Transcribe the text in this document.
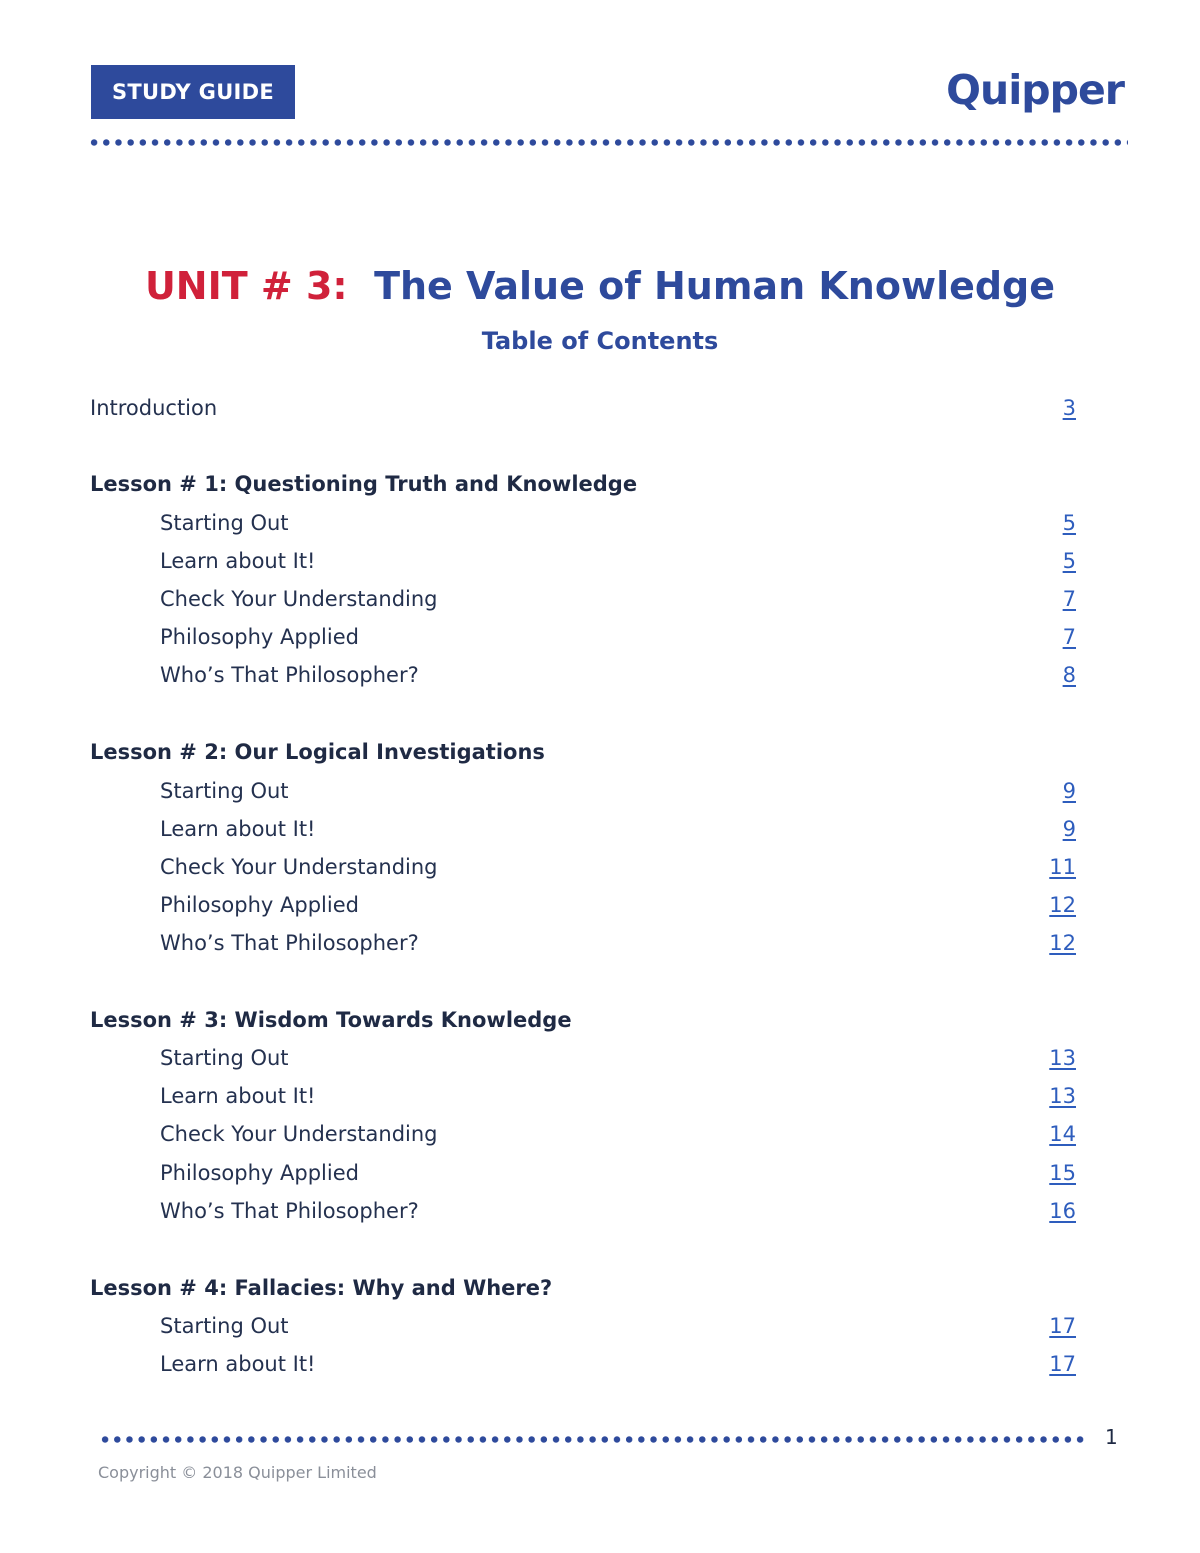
STUDY GUIDE	Quipper
UNIT # 3: The Value of Human Knowledge
Table of Contents
Introduction	3
Lesson # 1: Questioning Truth and Knowledge
Starting Out	5
Learn about It!	5
Check Your Understanding	7
Philosophy Applied	7
Who’s That Philosopher?	8
Lesson # 2: Our Logical Investigations
Starting Out	9
Learn about It!	9
Check Your Understanding	11
Philosophy Applied	12
Who’s That Philosopher?	12
Lesson # 3: Wisdom Towards Knowledge
Starting Out	13
Learn about It!	13
Check Your Understanding	14
Philosophy Applied	15
Who’s That Philosopher?	16
Lesson # 4: Fallacies: Why and Where?
Starting Out	17
Learn about It!	17
1
Copyright © 2018 Quipper Limited
